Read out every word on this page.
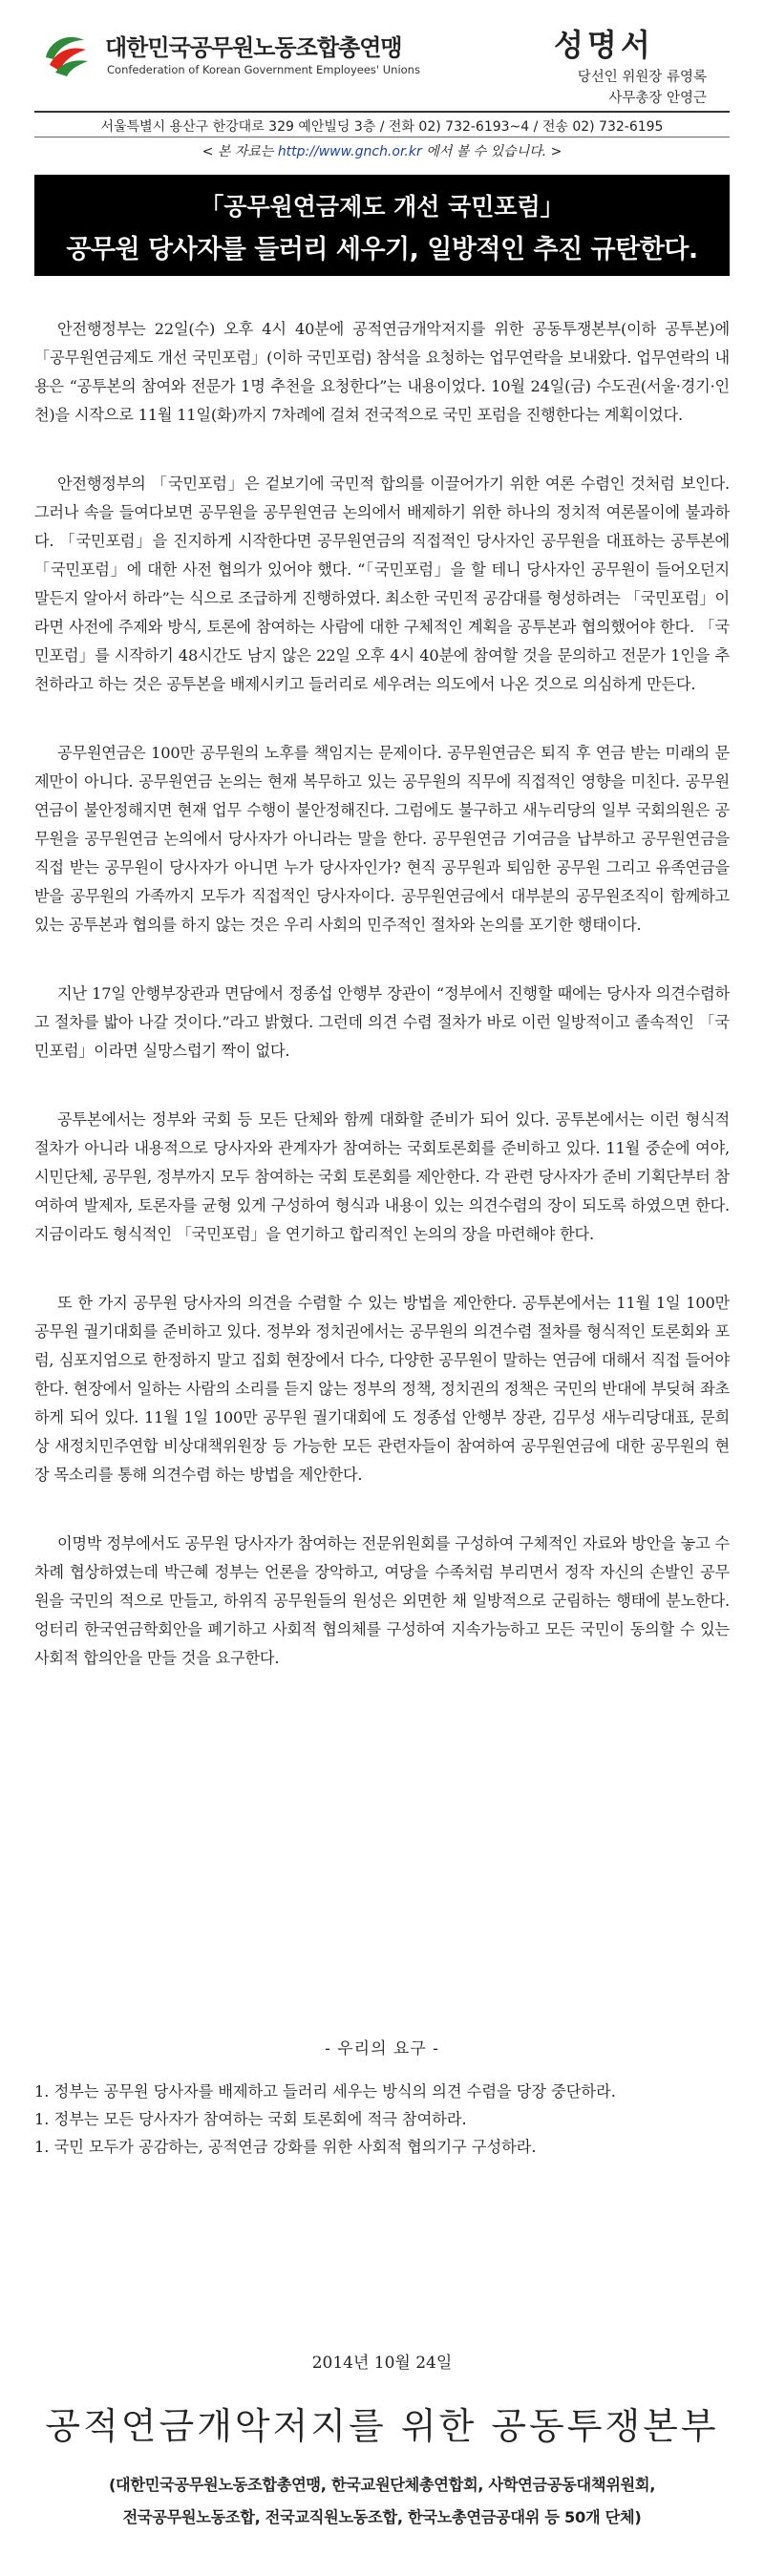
대한민국공무원노동조합총연맹
Confederation of Korean Government Employees' Unions
성명서
당선인 위원장 류영록
사무총장 안영근
서울특별시 용산구 한강대로 329 예안빌딩 3층 / 전화 02) 732-6193~4 / 전송 02) 732-6195
< 본 자료는 http://www.gnch.or.kr 에서 볼 수 있습니다. >
「공무원연금제도 개선 국민포럼」
공무원 당사자를 들러리 세우기, 일방적인 추진 규탄한다.

안전행정부는 22일(수) 오후 4시 40분에 공적연금개악저지를 위한 공동투쟁본부(이하 공투본)에 「공무원연금제도 개선 국민포럼」(이하 국민포럼) 참석을 요청하는 업무연락을 보내왔다. 업무연락의 내용은 “공투본의 참여와 전문가 1명 추천을 요청한다”는 내용이었다. 10월 24일(금) 수도권(서울·경기·인천)을 시작으로 11월 11일(화)까지 7차례에 걸쳐 전국적으로 국민 포럼을 진행한다는 계획이었다.

안전행정부의 「국민포럼」은 겉보기에 국민적 합의를 이끌어가기 위한 여론 수렴인 것처럼 보인다. 그러나 속을 들여다보면 공무원을 공무원연금 논의에서 배제하기 위한 하나의 정치적 여론몰이에 불과하다. 「국민포럼」을 진지하게 시작한다면 공무원연금의 직접적인 당사자인 공무원을 대표하는 공투본에 「국민포럼」에 대한 사전 협의가 있어야 했다. “「국민포럼」을 할 테니 당사자인 공무원이 들어오던지 말든지 알아서 하라”는 식으로 조급하게 진행하였다. 최소한 국민적 공감대를 형성하려는 「국민포럼」이라면 사전에 주제와 방식, 토론에 참여하는 사람에 대한 구체적인 계획을 공투본과 협의했어야 한다. 「국민포럼」를 시작하기 48시간도 남지 않은 22일 오후 4시 40분에 참여할 것을 문의하고 전문가 1인을 추천하라고 하는 것은 공투본을 배제시키고 들러리로 세우려는 의도에서 나온 것으로 의심하게 만든다.

공무원연금은 100만 공무원의 노후를 책임지는 문제이다. 공무원연금은 퇴직 후 연금 받는 미래의 문제만이 아니다. 공무원연금 논의는 현재 복무하고 있는 공무원의 직무에 직접적인 영향을 미친다. 공무원연금이 불안정해지면 현재 업무 수행이 불안정해진다. 그럼에도 불구하고 새누리당의 일부 국회의원은 공무원을 공무원연금 논의에서 당사자가 아니라는 말을 한다. 공무원연금 기여금을 납부하고 공무원연금을 직접 받는 공무원이 당사자가 아니면 누가 당사자인가? 현직 공무원과 퇴임한 공무원 그리고 유족연금을 받을 공무원의 가족까지 모두가 직접적인 당사자이다. 공무원연금에서 대부분의 공무원조직이 함께하고 있는 공투본과 협의를 하지 않는 것은 우리 사회의 민주적인 절차와 논의를 포기한 행태이다.

지난 17일 안행부장관과 면담에서 정종섭 안행부 장관이 “정부에서 진행할 때에는 당사자 의견수렴하고 절차를 밟아 나갈 것이다.”라고 밝혔다. 그런데 의견 수렴 절차가 바로 이런 일방적이고 졸속적인 「국민포럼」이라면 실망스럽기 짝이 없다.

공투본에서는 정부와 국회 등 모든 단체와 함께 대화할 준비가 되어 있다. 공투본에서는 이런 형식적 절차가 아니라 내용적으로 당사자와 관계자가 참여하는 국회토론회를 준비하고 있다. 11월 중순에 여야, 시민단체, 공무원, 정부까지 모두 참여하는 국회 토론회를 제안한다. 각 관련 당사자가 준비 기획단부터 참여하여 발제자, 토론자를 균형 있게 구성하여 형식과 내용이 있는 의견수렴의 장이 되도록 하였으면 한다. 지금이라도 형식적인 「국민포럼」을 연기하고 합리적인 논의의 장을 마련해야 한다.

또 한 가지 공무원 당사자의 의견을 수렴할 수 있는 방법을 제안한다. 공투본에서는 11월 1일 100만 공무원 궐기대회를 준비하고 있다. 정부와 정치권에서는 공무원의 의견수렴 절차를 형식적인 토론회와 포럼, 심포지엄으로 한정하지 말고 집회 현장에서 다수, 다양한 공무원이 말하는 연금에 대해서 직접 들어야 한다. 현장에서 일하는 사람의 소리를 듣지 않는 정부의 정책, 정치권의 정책은 국민의 반대에 부딪혀 좌초하게 되어 있다. 11월 1일 100만 공무원 궐기대회에 도 정종섭 안행부 장관, 김무성 새누리당대표, 문희상 새정치민주연합 비상대책위원장 등 가능한 모든 관련자들이 참여하여 공무원연금에 대한 공무원의 현장 목소리를 통해 의견수렴 하는 방법을 제안한다.

이명박 정부에서도 공무원 당사자가 참여하는 전문위원회를 구성하여 구체적인 자료와 방안을 놓고 수차례 협상하였는데 박근혜 정부는 언론을 장악하고, 여당을 수족처럼 부리면서 정작 자신의 손발인 공무원을 국민의 적으로 만들고, 하위직 공무원들의 원성은 외면한 채 일방적으로 군림하는 행태에 분노한다. 엉터리 한국연금학회안을 폐기하고 사회적 협의체를 구성하여 지속가능하고 모든 국민이 동의할 수 있는 사회적 합의안을 만들 것을 요구한다.

- 우리의 요구 -
1. 정부는 공무원 당사자를 배제하고 들러리 세우는 방식의 의견 수렴을 당장 중단하라.
1. 정부는 모든 당사자가 참여하는 국회 토론회에 적극 참여하라.
1. 국민 모두가 공감하는, 공적연금 강화를 위한 사회적 협의기구 구성하라.
2014년 10월 24일
공적연금개악저지를 위한 공동투쟁본부
(대한민국공무원노동조합총연맹, 한국교원단체총연합회, 사학연금공동대책위원회,
전국공무원노동조합, 전국교직원노동조합, 한국노총연금공대위 등 50개 단체)
